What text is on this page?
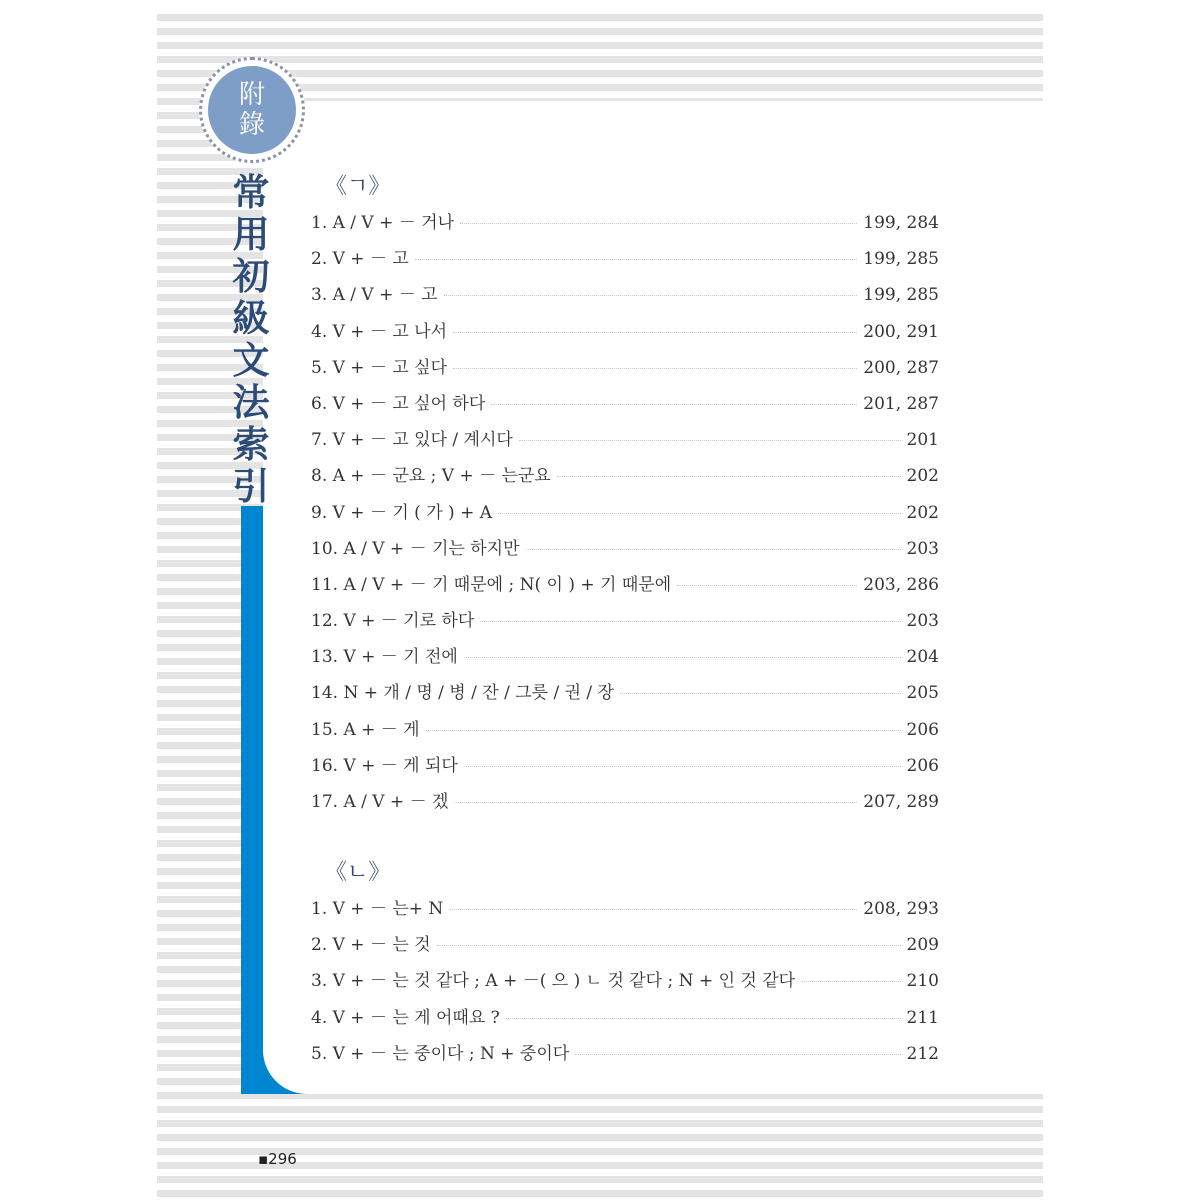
附錄
常用初級文法索引
《ㄱ》
1. A / V + － 거나	199, 284
2. V + － 고	199, 285
3. A / V + － 고	199, 285
4. V + － 고 나서	200, 291
5. V + － 고 싶다	200, 287
6. V + － 고 싶어 하다	201, 287
7. V + － 고 있다 / 계시다	201
8. A + － 군요 ; V + － 는군요	202
9. V + － 기 ( 가 ) + A	202
10. A / V + － 기는 하지만	203
11. A / V + － 기 때문에 ; N( 이 ) + 기 때문에	203, 286
12. V + － 기로 하다	203
13. V + － 기 전에	204
14. N + 개 / 명 / 병 / 잔 / 그릇 / 권 / 장	205
15. A + － 게	206
16. V + － 게 되다	206
17. A / V + － 겠	207, 289
《ㄴ》
1. V + － 는+ N	208, 293
2. V + － 는 것	209
3. V + － 는 것 같다 ; A + －( 으 ) ㄴ 것 같다 ; N + 인 것 같다	210
4. V + － 는 게 어때요 ?	211
5. V + － 는 중이다 ; N + 중이다	212
▪296
